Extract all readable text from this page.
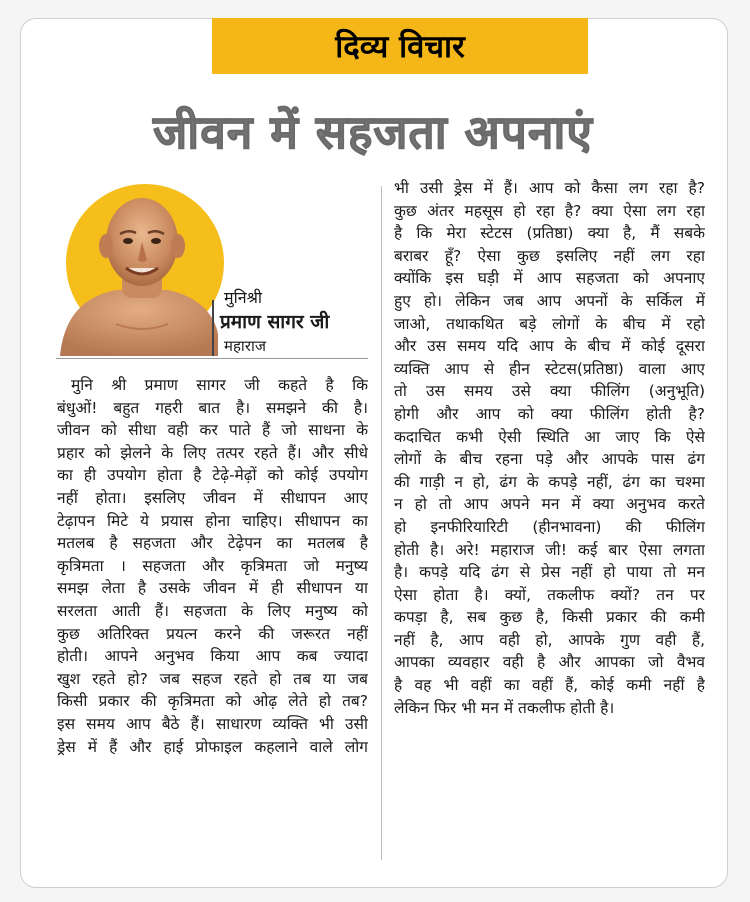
दिव्य विचार
जीवन में सहजता अपनाएं
मुनिश्री
प्रमाण सागर जी
महाराज
मुनि श्री प्रमाण सागर जी कहते है कि
बंधुओं! बहुत गहरी बात है। समझने की है।
जीवन को सीधा वही कर पाते हैं जो साधना के
प्रहार को झेलने के लिए तत्पर रहते हैं। और सीधे
का ही उपयोग होता है टेढ़े-मेढ़ों को कोई उपयोग
नहीं होता। इसलिए जीवन में सीधापन आए
टेढ़ापन मिटे ये प्रयास होना चाहिए। सीधापन का
मतलब है सहजता और टेढ़ेपन का मतलब है
कृत्रिमता । सहजता और कृत्रिमता जो मनुष्य
समझ लेता है उसके जीवन में ही सीधापन या
सरलता आती हैं। सहजता के लिए मनुष्य को
कुछ अतिरिक्त प्रयत्न करने की जरूरत नहीं
होती। आपने अनुभव किया आप कब ज्यादा
खुश रहते हो? जब सहज रहते हो तब या जब
किसी प्रकार की कृत्रिमता को ओढ़ लेते हो तब?
इस समय आप बैठे हैं। साधारण व्यक्ति भी उसी
ड्रेस में हैं और हाई प्रोफाइल कहलाने वाले लोग
भी उसी ड्रेस में हैं। आप को कैसा लग रहा है?
कुछ अंतर महसूस हो रहा है? क्या ऐसा लग रहा
है कि मेरा स्टेटस (प्रतिष्ठा) क्या है, मैं सबके
बराबर हूँ? ऐसा कुछ इसलिए नहीं लग रहा
क्योंकि इस घड़ी में आप सहजता को अपनाए
हुए हो। लेकिन जब आप अपनों के सर्किल में
जाओ, तथाकथित बड़े लोगों के बीच में रहो
और उस समय यदि आप के बीच में कोई दूसरा
व्यक्ति आप से हीन स्टेटस(प्रतिष्ठा) वाला आए
तो उस समय उसे क्या फीलिंग (अनुभूति)
होगी और आप को क्या फीलिंग होती है?
कदाचित कभी ऐसी स्थिति आ जाए कि ऐसे
लोगों के बीच रहना पड़े और आपके पास ढंग
की गाड़ी न हो, ढंग के कपड़े नहीं, ढंग का चश्मा
न हो तो आप अपने मन में क्या अनुभव करते
हो इनफीरियारिटी (हीनभावना) की फीलिंग
होती है। अरे! महाराज जी! कई बार ऐसा लगता
है। कपड़े यदि ढंग से प्रेस नहीं हो पाया तो मन
ऐसा होता है। क्यों, तकलीफ क्यों? तन पर
कपड़ा है, सब कुछ है, किसी प्रकार की कमी
नहीं है, आप वही हो, आपके गुण वही हैं,
आपका व्यवहार वही है और आपका जो वैभव
है वह भी वहीं का वहीं हैं, कोई कमी नहीं है
लेकिन फिर भी मन में तकलीफ होती है।
